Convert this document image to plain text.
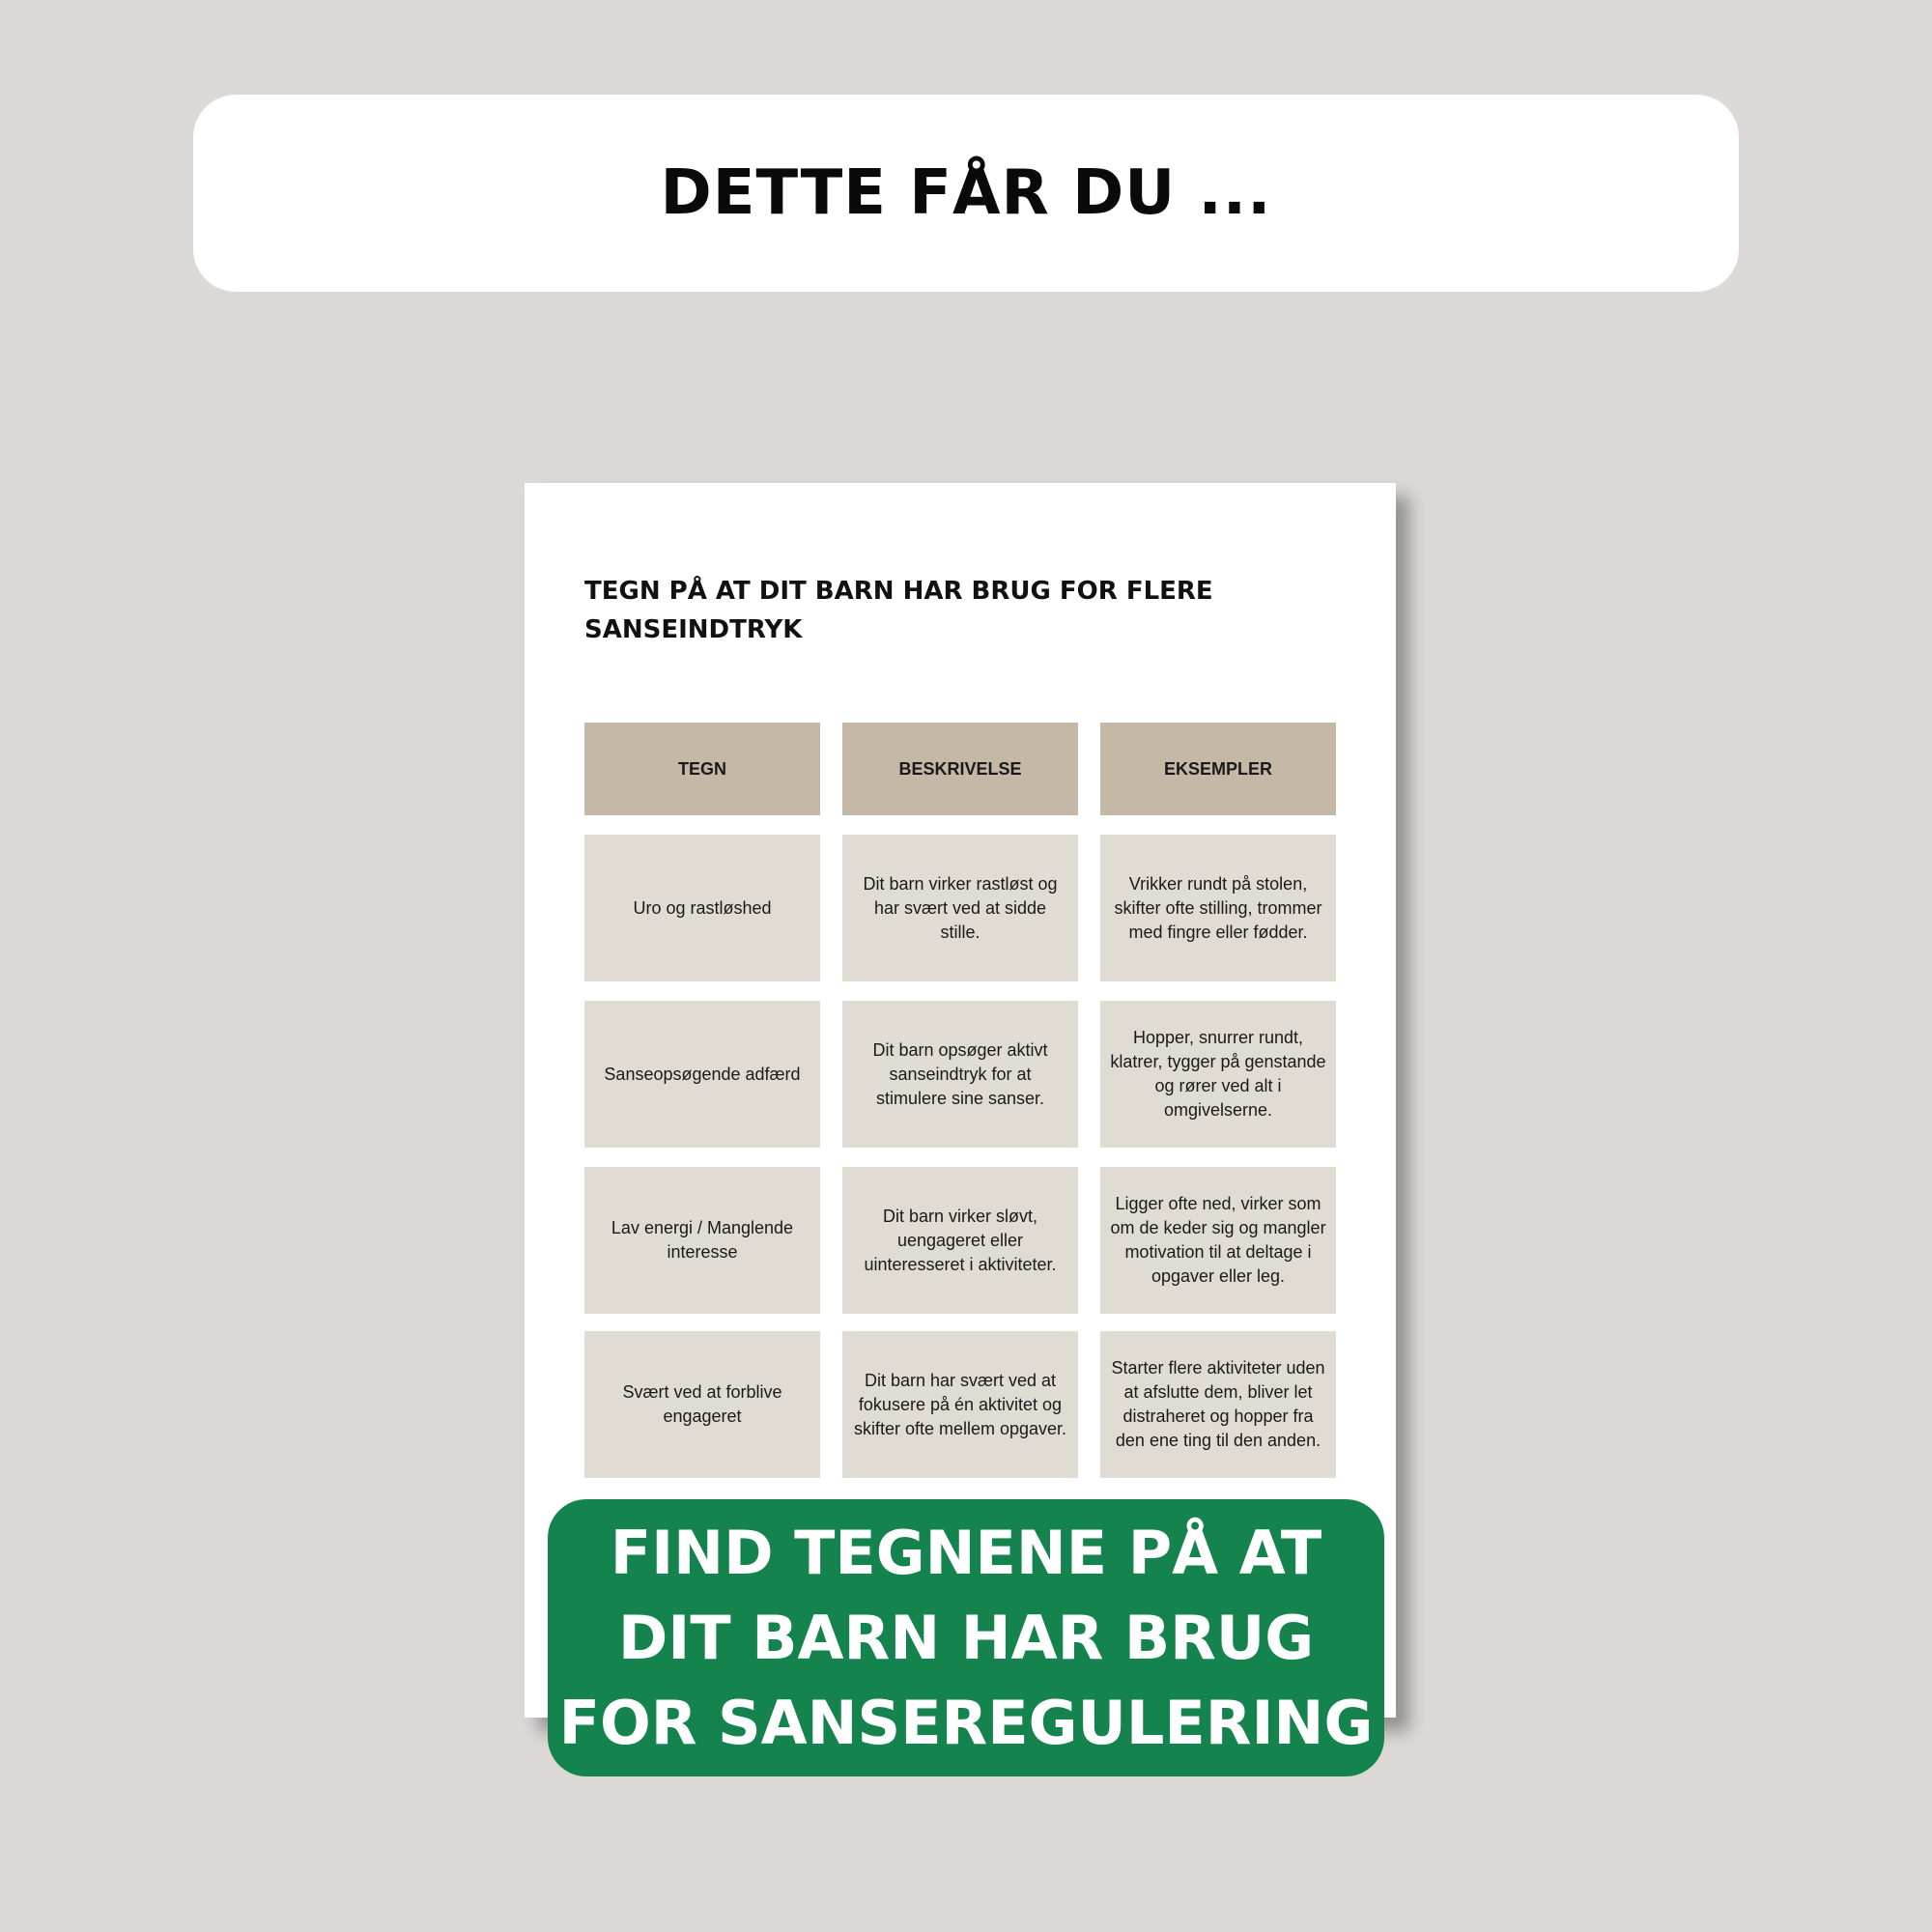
DETTE FÅR DU ...
TEGN PÅ AT DIT BARN HAR BRUG FOR FLERE SANSEINDTRYK
TEGN	BESKRIVELSE	EKSEMPLER
Uro og rastløshed
Dit barn virker rastløst og har svært ved at sidde stille.
Vrikker rundt på stolen, skifter ofte stilling, trommer med fingre eller fødder.
Sanseopsøgende adfærd
Dit barn opsøger aktivt sanseindtryk for at stimulere sine sanser.
Hopper, snurrer rundt, klatrer, tygger på genstande og rører ved alt i omgivelserne.
Lav energi / Manglende interesse
Dit barn virker sløvt, uengageret eller uinteresseret i aktiviteter.
Ligger ofte ned, virker som om de keder sig og mangler motivation til at deltage i opgaver eller leg.
Svært ved at forblive engageret
Dit barn har svært ved at fokusere på én aktivitet og skifter ofte mellem opgaver.
Starter flere aktiviteter uden at afslutte dem, bliver let distraheret og hopper fra den ene ting til den anden.
FIND TEGNENE PÅ AT
DIT BARN HAR BRUG
FOR SANSEREGULERING
